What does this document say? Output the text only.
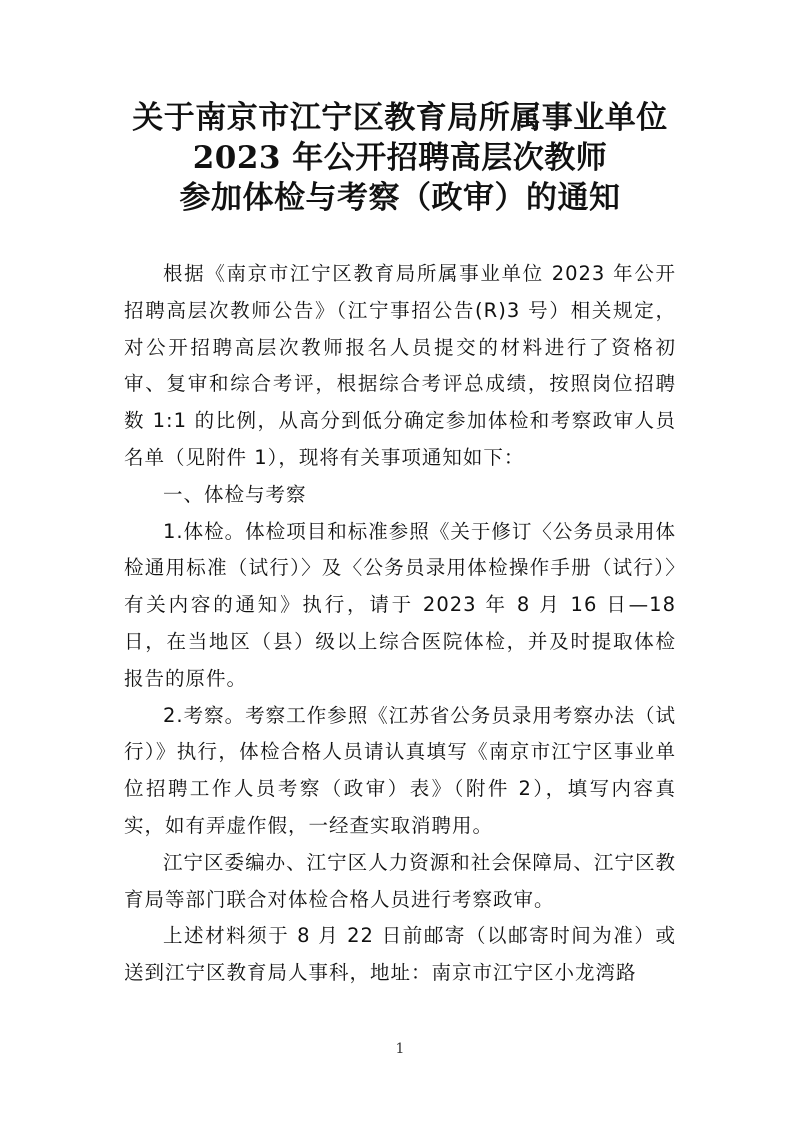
关于南京市江宁区教育局所属事业单位
2023 年公开招聘高层次教师
参加体检与考察（政审）的通知

根据《南京市江宁区教育局所属事业单位 2023 年公开招聘高层次教师公告》（江宁事招公告(R)3 号）相关规定，对公开招聘高层次教师报名人员提交的材料进行了资格初审、复审和综合考评，根据综合考评总成绩，按照岗位招聘数 1:1 的比例，从高分到低分确定参加体检和考察政审人员名单（见附件 1），现将有关事项通知如下：

一、体检与考察

1.体检。体检项目和标准参照《关于修订〈公务员录用体检通用标准（试行）〉及〈公务员录用体检操作手册（试行）〉有关内容的通知》执行，请于 2023 年 8 月 16 日—18 日，在当地区（县）级以上综合医院体检，并及时提取体检报告的原件。

2.考察。考察工作参照《江苏省公务员录用考察办法（试行）》执行，体检合格人员请认真填写《南京市江宁区事业单位招聘工作人员考察（政审）表》（附件 2），填写内容真实，如有弄虚作假，一经查实取消聘用。

江宁区委编办、江宁区人力资源和社会保障局、江宁区教育局等部门联合对体检合格人员进行考察政审。

上述材料须于 8 月 22 日前邮寄（以邮寄时间为准）或送到江宁区教育局人事科，地址：南京市江宁区小龙湾路

1
